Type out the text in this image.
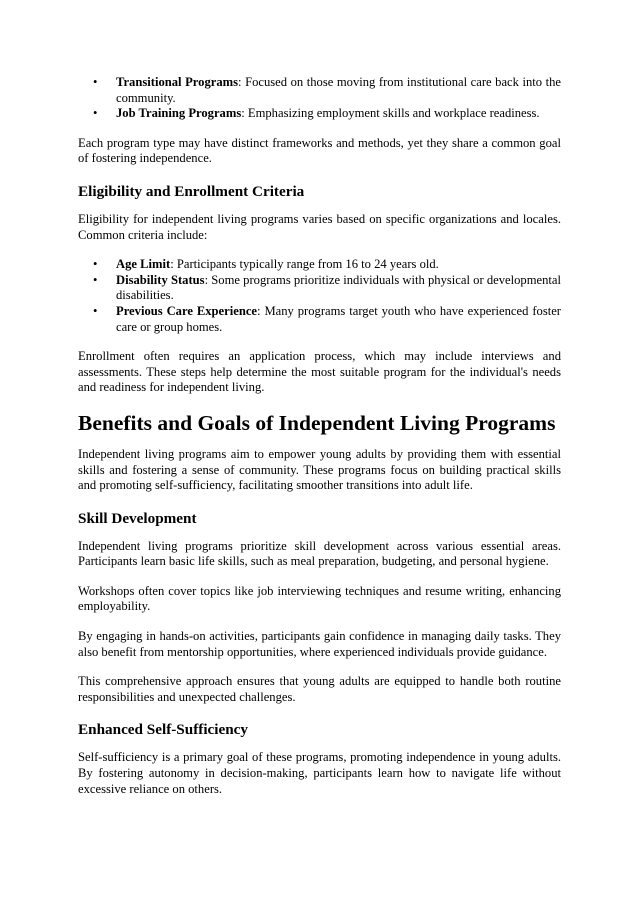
• Transitional Programs: Focused on those moving from institutional care back into the community.
• Job Training Programs: Emphasizing employment skills and workplace readiness.

Each program type may have distinct frameworks and methods, yet they share a common goal of fostering independence.

Eligibility and Enrollment Criteria

Eligibility for independent living programs varies based on specific organizations and locales. Common criteria include:

• Age Limit: Participants typically range from 16 to 24 years old.
• Disability Status: Some programs prioritize individuals with physical or developmental disabilities.
• Previous Care Experience: Many programs target youth who have experienced foster care or group homes.

Enrollment often requires an application process, which may include interviews and assessments. These steps help determine the most suitable program for the individual's needs and readiness for independent living.

Benefits and Goals of Independent Living Programs

Independent living programs aim to empower young adults by providing them with essential skills and fostering a sense of community. These programs focus on building practical skills and promoting self-sufficiency, facilitating smoother transitions into adult life.

Skill Development

Independent living programs prioritize skill development across various essential areas. Participants learn basic life skills, such as meal preparation, budgeting, and personal hygiene.

Workshops often cover topics like job interviewing techniques and resume writing, enhancing employability.

By engaging in hands-on activities, participants gain confidence in managing daily tasks. They also benefit from mentorship opportunities, where experienced individuals provide guidance.

This comprehensive approach ensures that young adults are equipped to handle both routine responsibilities and unexpected challenges.

Enhanced Self-Sufficiency

Self-sufficiency is a primary goal of these programs, promoting independence in young adults. By fostering autonomy in decision-making, participants learn how to navigate life without excessive reliance on others.
